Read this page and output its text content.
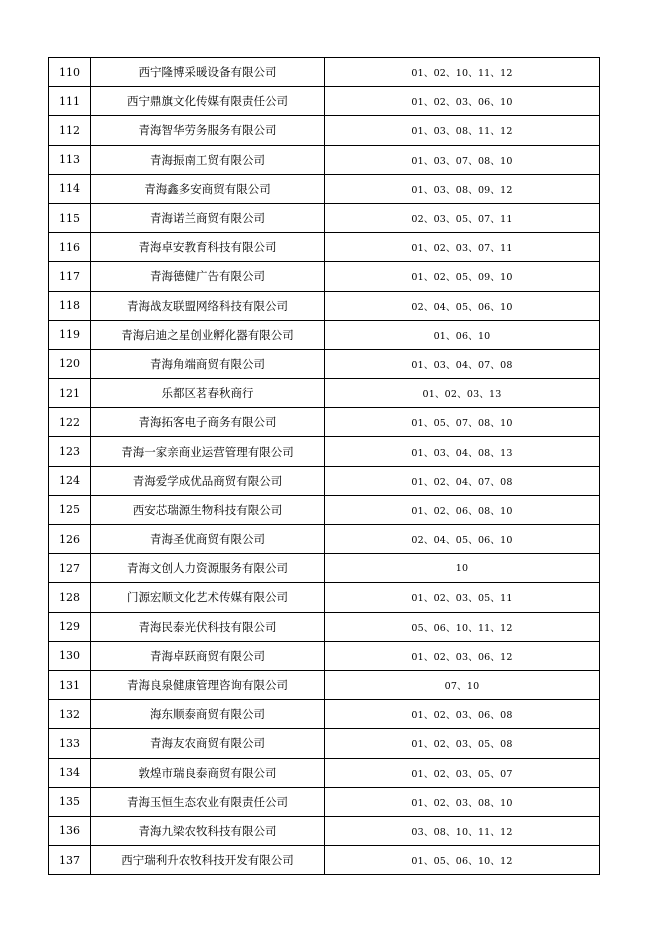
110	西宁隆博采暖设备有限公司	01、02、10、11、12
111	西宁鼎旗文化传媒有限责任公司	01、02、03、06、10
112	青海智华劳务服务有限公司	01、03、08、11、12
113	青海振南工贸有限公司	01、03、07、08、10
114	青海鑫多安商贸有限公司	01、03、08、09、12
115	青海诺兰商贸有限公司	02、03、05、07、11
116	青海卓安教育科技有限公司	01、02、03、07、11
117	青海德健广告有限公司	01、02、05、09、10
118	青海战友联盟网络科技有限公司	02、04、05、06、10
119	青海启迪之星创业孵化器有限公司	01、06、10
120	青海角端商贸有限公司	01、03、04、07、08
121	乐都区茗春秋商行	01、02、03、13
122	青海拓客电子商务有限公司	01、05、07、08、10
123	青海一家亲商业运营管理有限公司	01、03、04、08、13
124	青海爱学成优品商贸有限公司	01、02、04、07、08
125	西安芯瑞源生物科技有限公司	01、02、06、08、10
126	青海圣优商贸有限公司	02、04、05、06、10
127	青海文创人力资源服务有限公司	10
128	门源宏顺文化艺术传媒有限公司	01、02、03、05、11
129	青海民泰光伏科技有限公司	05、06、10、11、12
130	青海卓跃商贸有限公司	01、02、03、06、12
131	青海良泉健康管理咨询有限公司	07、10
132	海东顺泰商贸有限公司	01、02、03、06、08
133	青海友农商贸有限公司	01、02、03、05、08
134	敦煌市瑞良泰商贸有限公司	01、02、03、05、07
135	青海玉恒生态农业有限责任公司	01、02、03、08、10
136	青海九梁农牧科技有限公司	03、08、10、11、12
137	西宁瑞利升农牧科技开发有限公司	01、05、06、10、12
